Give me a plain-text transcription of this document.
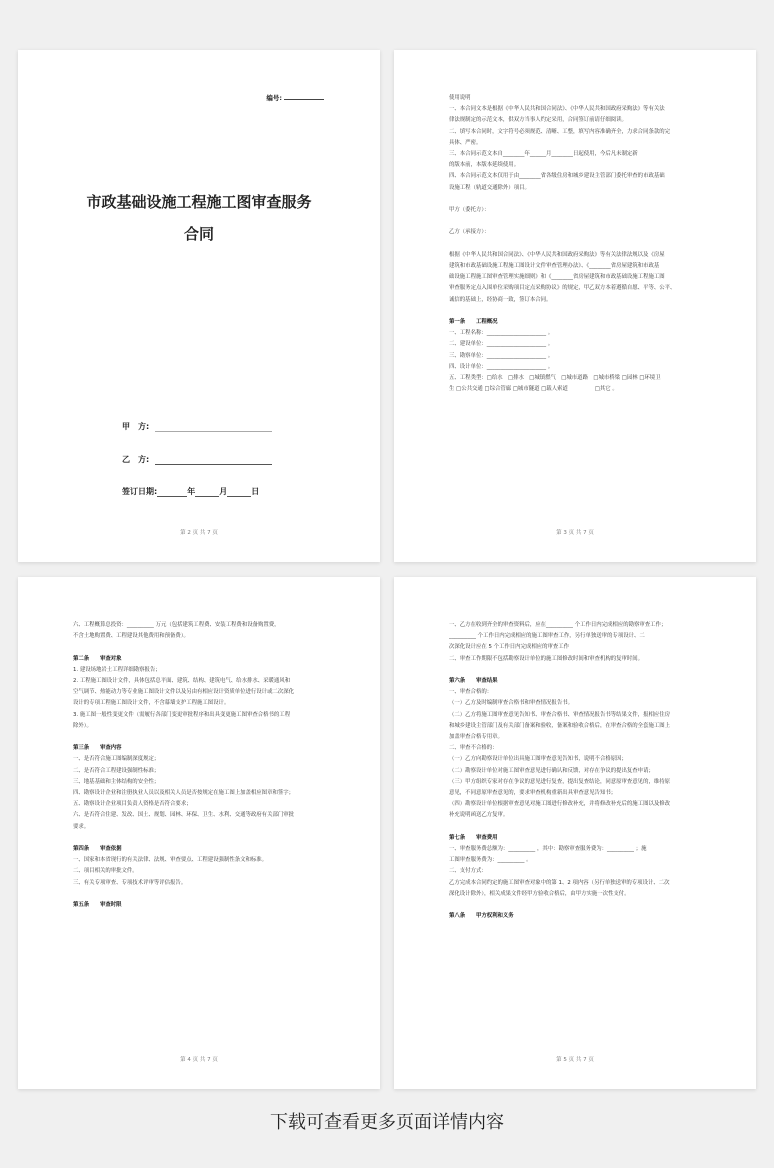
编号:
市政基础设施工程施工图审查服务
合同
甲　方:
乙　方:
签订日期:	年	月	日
第 2 页 共 7 页
使用说明
一、本合同文本是根据《中华人民共和国合同法》、《中华人民共和国政府采购法》等有关法
律法规制定的示范文本，供双方当事人约定采用，合同签订前请仔细阅读。
二、填写本合同时，文字符号必须规范、清晰、工整，填写内容准确齐全，力求合同条款的完
具体、严密。
三、本合同示范文本自________年______月________日起使用，今后凡未制定新
的版本前，本版本延续使用。
四、本合同示范文本仅用于由________省各级住房和城乡建设主管部门委托审查的市政基础
设施工程（轨道交通除外）项目。
甲方（委托方）：
乙方（承接方）：
根据《中华人民共和国合同法》、《中华人民共和国政府采购法》等有关法律法规以及《房屋
建筑和市政基础设施工程施工图设计文件审查管理办法》、《________省房屋建筑和市政基
础设施工程施工图审查管理实施细则》和《________省房屋建筑和市政基础设施工程施工图
审查服务定点入围单位采购项目定点采购协议》的规定，甲乙双方本着遵循自愿、平等、公平、
诚信的基础上，经协商一致，签订本合同。
第一条　　工程概况
一、工程名称：______________________ 。
二、建设单位：______________________ 。
三、勘察单位：______________________ 。
四、设计单位：______________________ 。
五、工程类型：□给水　□排水　□城镇燃气　□城市道路　□城市桥梁 □园林 □环境卫
生 □公共交通 □综合管廊 □城市隧道 □载人索道　　　　　□其它 。
第 3 页 共 7 页
六、工程概算总投资：__________ 万元（包括建筑工程费、安装工程费和设备购置费，
不含土地购置费、工程建设其他费用和预备费）。
第二条　　审查对象
1. 建设场地岩土工程详细勘察报告；
2. 工程施工图设计文件，具体包括总平面、建筑、结构、建筑电气、给水排水、采暖通风和
空气调节、热能动力等专业施工图设计文件以及另由有相应设计资质单位进行设计或二次深化
设计的专项工程施工图设计文件，不含幕墙支护工程施工图设计。
3. 施工图一般性变更文件（需履行各部门变更审批程序和出具变更施工图审查合格书的工程
除外）。
第三条　　审查内容
一、是否符合施工图编制深度规定；
二、是否符合工程建设强制性标准；
三、地基基础和主体结构的安全性；
四、勘察设计企业和注册执业人员以及相关人员是否按规定在施工图上加盖相应图章和签字；
五、勘察设计企业项目负责人资格是否符合要求；
六、是否符合住建、发改、国土、规划、园林、环保、卫生、水利、交通等政府有关部门审批
要求。
第四条　　审查依据
一、国家和本省现行的有关法律、法规、审查要点、工程建设强制性条文和标准。
二、项目相关的审批文件。
三、有关专项审查、专项技术评审等评估报告。
第五条　　审查时限
第 4 页 共 7 页
一、乙方在收到齐全的审查资料后，应在__________ 个工作日内完成相应的勘察审查工作；
__________ 个工作日内完成相应的施工图审查工作，另行单独送审的专项设计、二
次深化设计应在 5 个工作日内完成相应的审查工作
二、审查工作期限不包括勘察设计单位的施工图修改时间和审查机构的复审时间。
第六条　　审查结果
一、审查合格的：
（一）乙方及时编制审查合格书和审查情况报告书。
（二）乙方将施工图审查意见告知书、审查合格书、审查情况报告书等结果文件，报相应住房
和城乡建设主管部门及有关部门备案和验收，备案和验收合格后，在审查合格的全套施工图上
加盖审查合格专用章。
二、审查不合格的：
（一）乙方向勘察设计单位出具施工图审查意见告知书，说明不合格原因；
（二）勘察设计单位对施工图审查意见进行确认和反馈，对存在争议的提出复查申请；
（三）甲方组织专家对存在争议的意见进行复查，提出复查结论，同意原审查意见的，维持原
意见，不同意原审查意见的，要求审查机构重新出具审查意见告知书；
（四）勘察设计单位根据审查意见对施工图进行修改补充，并将修改补充后的施工图以及修改
补充说明函送乙方复审。
第七条　　审查费用
一、审查服务费总额为：__________ ，其中：勘察审查服务费为：__________ ；施
工图审查服务费为：__________ 。
二、支付方式：
乙方完成本合同约定的施工图审查对象中的第 1、2 项内容（另行单独送审的专项设计、二次
深化设计除外），相关成果文件经甲方验收合格后，由甲方实施一次性支付。
第八条　　甲方权利和义务
第 5 页 共 7 页
下载可查看更多页面详情内容
